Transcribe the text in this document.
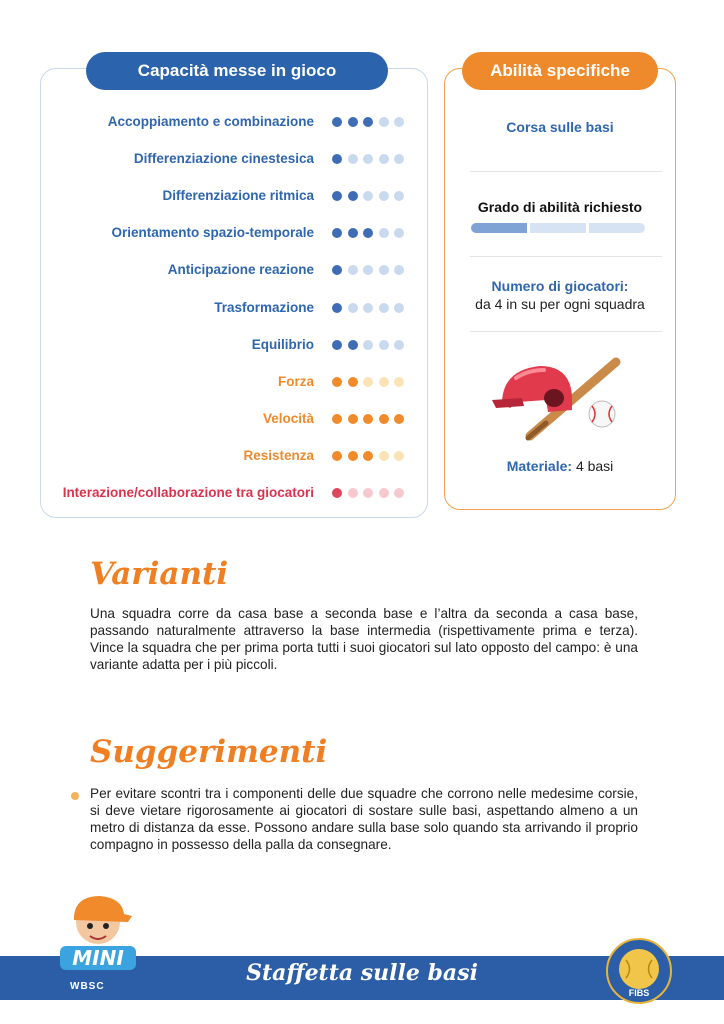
Capacità messe in gioco
Accoppiamento e combinazione
Differenziazione cinestesica
Differenziazione ritmica
Orientamento spazio-temporale
Anticipazione reazione
Trasformazione
Equilibrio
Forza
Velocità
Resistenza
Interazione/collaborazione tra giocatori
Abilità specifiche
Corsa sulle basi
Grado di abilità richiesto
Numero di giocatori:
da 4 in su per ogni squadra
Materiale: 4 basi
Varianti
Una squadra corre da casa base a seconda base e l’altra da seconda a casa base, passando naturalmente attraverso la base intermedia (rispettivamente prima e terza). Vince la squadra che per prima porta tutti i suoi giocatori sul lato opposto del campo: è una variante adatta per i più piccoli.
Suggerimenti
Per evitare scontri tra i componenti delle due squadre che corrono nelle medesime corsie, si deve vietare rigorosamente ai giocatori di sostare sulle basi, aspettando almeno a un metro di distanza da esse. Possono andare sulla base solo quando sta arrivando il proprio compagno in possesso della palla da consegnare.
Staffetta sulle basi
MINI
WBSC
FIBS
